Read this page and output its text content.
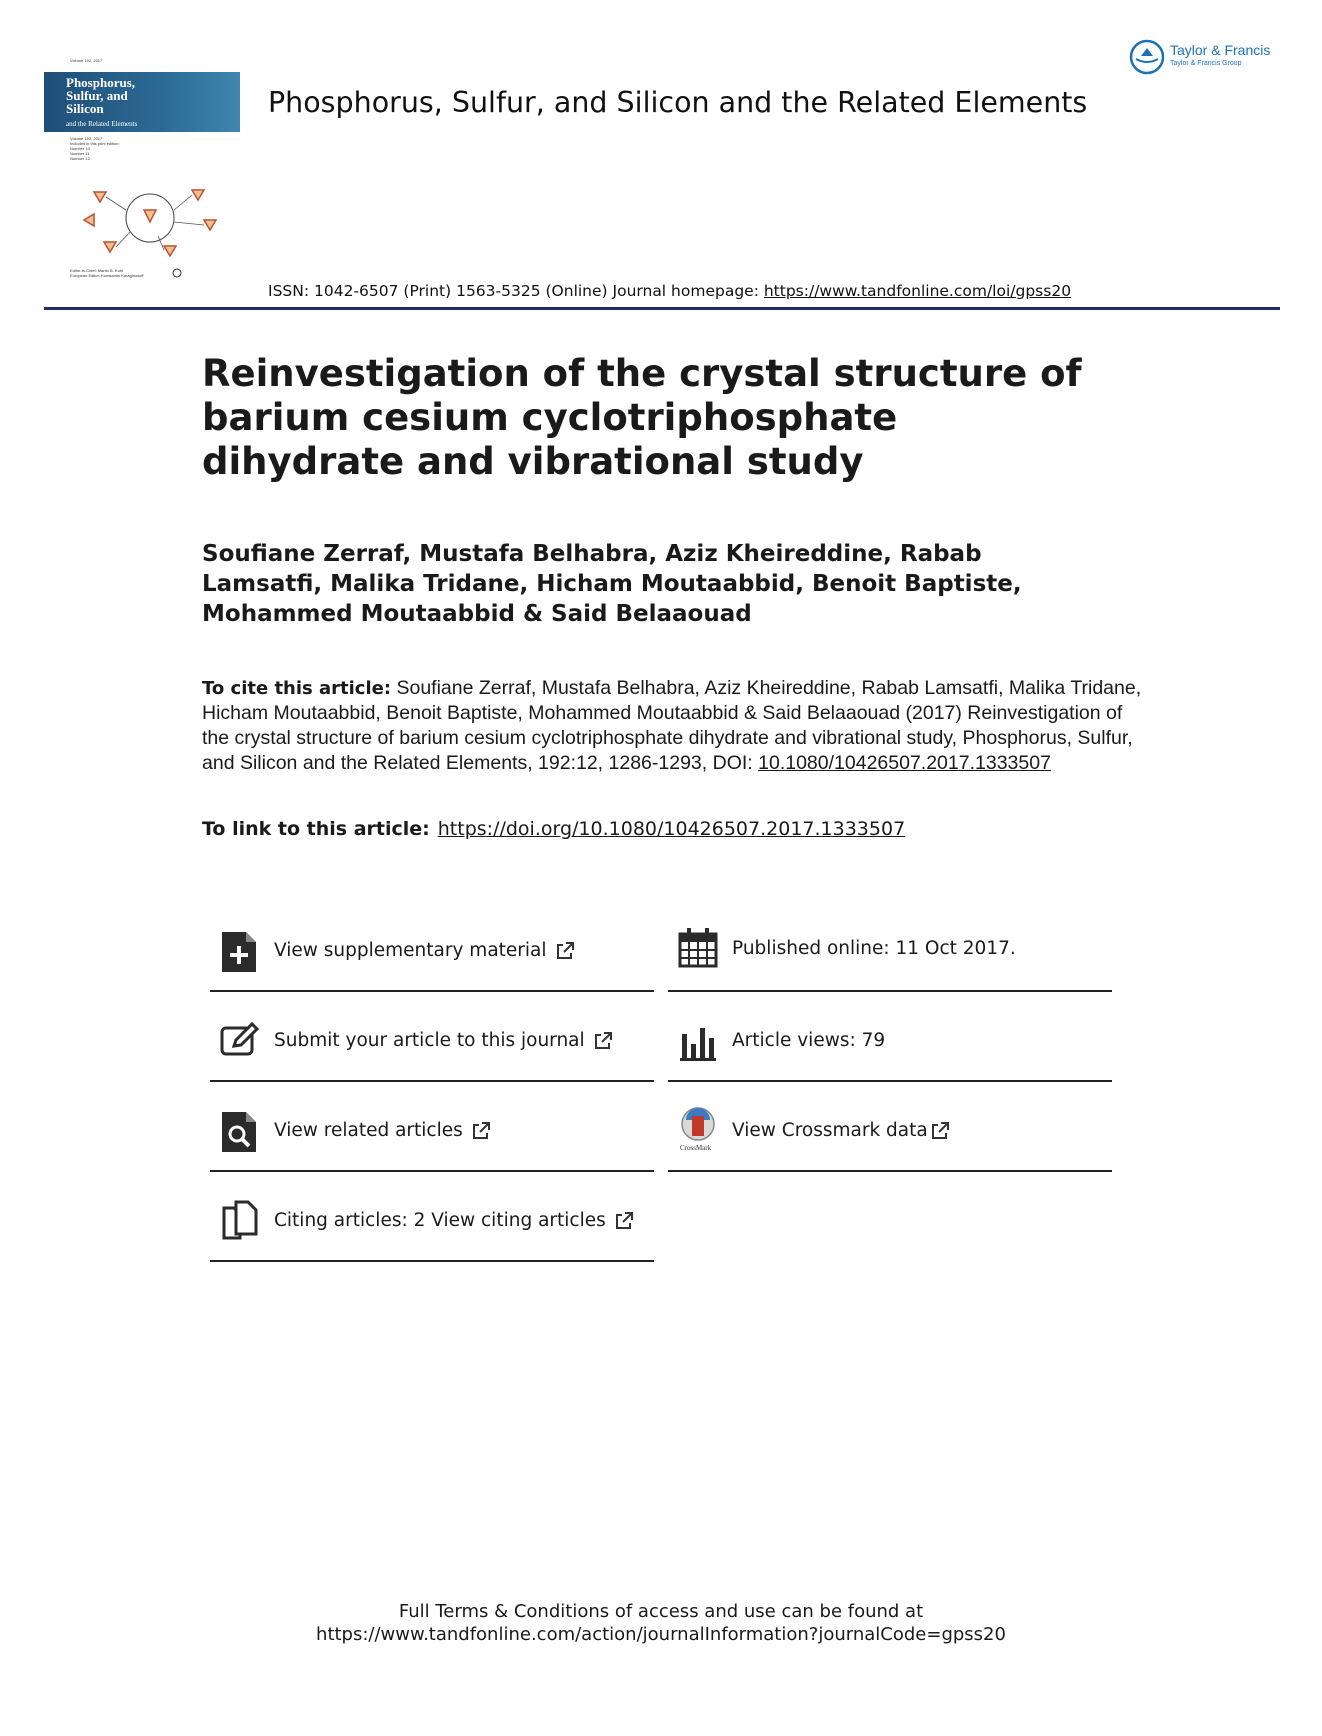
Volume 192, 2017
Phosphorus,
Sulfur, and
Silicon
and the Related Elements
Volume 192, 2017
Included in this print edition:
Number 10
Number 11
Number 12
Editor-in-Chief: Martin B. Kuhl
European Editor: Konstantin Karaghiosoff
Taylor & Francis
Taylor & Francis Group
Phosphorus, Sulfur, and Silicon and the Related Elements
ISSN: 1042-6507 (Print) 1563-5325 (Online) Journal homepage: https://www.tandfonline.com/loi/gpss20
Reinvestigation of the crystal structure of barium cesium cyclotriphosphate dihydrate and vibrational study
Soufiane Zerraf, Mustafa Belhabra, Aziz Kheireddine, Rabab Lamsatfi, Malika Tridane, Hicham Moutaabbid, Benoit Baptiste, Mohammed Moutaabbid & Said Belaaouad
To cite this article: Soufiane Zerraf, Mustafa Belhabra, Aziz Kheireddine, Rabab Lamsatfi, Malika Tridane, Hicham Moutaabbid, Benoit Baptiste, Mohammed Moutaabbid & Said Belaaouad (2017) Reinvestigation of the crystal structure of barium cesium cyclotriphosphate dihydrate and vibrational study, Phosphorus, Sulfur, and Silicon and the Related Elements, 192:12, 1286-1293, DOI: 10.1080/10426507.2017.1333507
To link to this article: https://doi.org/10.1080/10426507.2017.1333507
View supplementary material
Submit your article to this journal
View related articles
Citing articles: 2 View citing articles
Published online: 11 Oct 2017.
Article views: 79
CrossMark
View Crossmark data
Full Terms & Conditions of access and use can be found at
https://www.tandfonline.com/action/journalInformation?journalCode=gpss20
